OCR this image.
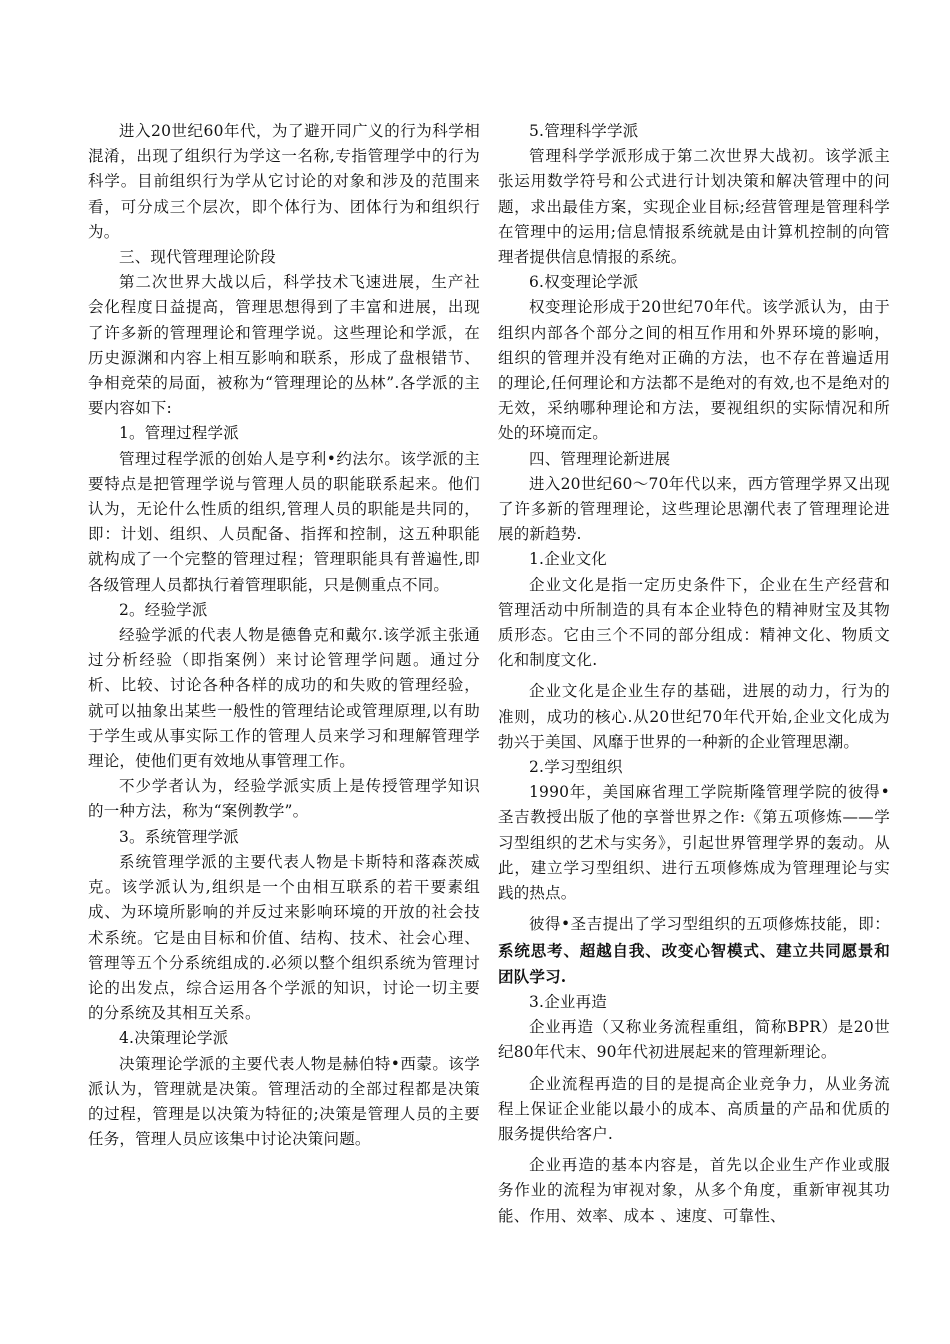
进入20世纪60年代，为了避开同广义的行为科学相混淆，出现了组织行为学这一名称,专指管理学中的行为科学。目前组织行为学从它讨论的对象和涉及的范围来看，可分成三个层次，即个体行为、团体行为和组织行为。

三、现代管理理论阶段

第二次世界大战以后，科学技术飞速进展，生产社会化程度日益提高，管理思想得到了丰富和进展，出现了许多新的管理理论和管理学说。这些理论和学派，在历史源渊和内容上相互影响和联系，形成了盘根错节、争相竞荣的局面，被称为“管理理论的丛林”.各学派的主要内容如下:

1。管理过程学派

管理过程学派的创始人是亨利•约法尔。该学派的主要特点是把管理学说与管理人员的职能联系起来。他们认为，无论什么性质的组织,管理人员的职能是共同的，即：计划、组织、人员配备、指挥和控制，这五种职能就构成了一个完整的管理过程；管理职能具有普遍性,即各级管理人员都执行着管理职能，只是侧重点不同。

2。经验学派

经验学派的代表人物是德鲁克和戴尔.该学派主张通过分析经验（即指案例）来讨论管理学问题。通过分析、比较、讨论各种各样的成功的和失败的管理经验，就可以抽象出某些一般性的管理结论或管理原理,以有助于学生或从事实际工作的管理人员来学习和理解管理学理论，使他们更有效地从事管理工作。

不少学者认为，经验学派实质上是传授管理学知识的一种方法，称为“案例教学”。

3。系统管理学派

系统管理学派的主要代表人物是卡斯特和落森茨威克。该学派认为,组织是一个由相互联系的若干要素组成、为环境所影响的并反过来影响环境的开放的社会技术系统。它是由目标和价值、结构、技术、社会心理、管理等五个分系统组成的.必须以整个组织系统为管理讨论的出发点，综合运用各个学派的知识，讨论一切主要的分系统及其相互关系。

4.决策理论学派

决策理论学派的主要代表人物是赫伯特•西蒙。该学派认为，管理就是决策。管理活动的全部过程都是决策的过程，管理是以决策为特征的;决策是管理人员的主要任务，管理人员应该集中讨论决策问题。

5.管理科学学派

管理科学学派形成于第二次世界大战初。该学派主张运用数学符号和公式进行计划决策和解决管理中的问题，求出最佳方案，实现企业目标;经营管理是管理科学在管理中的运用;信息情报系统就是由计算机控制的向管理者提供信息情报的系统。

6.权变理论学派

权变理论形成于20世纪70年代。该学派认为，由于组织内部各个部分之间的相互作用和外界环境的影响，组织的管理并没有绝对正确的方法，也不存在普遍适用的理论,任何理论和方法都不是绝对的有效,也不是绝对的无效，采纳哪种理论和方法，要视组织的实际情况和所处的环境而定。

四、管理理论新进展

进入20世纪60～70年代以来，西方管理学界又出现了许多新的管理理论，这些理论思潮代表了管理理论进展的新趋势.

1.企业文化

企业文化是指一定历史条件下，企业在生产经营和管理活动中所制造的具有本企业特色的精神财宝及其物质形态。它由三个不同的部分组成：精神文化、物质文化和制度文化.

企业文化是企业生存的基础，进展的动力，行为的准则，成功的核心.从20世纪70年代开始,企业文化成为勃兴于美国、风靡于世界的一种新的企业管理思潮。

2.学习型组织

1990年，美国麻省理工学院斯隆管理学院的彼得•圣吉教授出版了他的享誉世界之作:《第五项修炼——学习型组织的艺术与实务》，引起世界管理学界的轰动。从此，建立学习型组织、进行五项修炼成为管理理论与实践的热点。

彼得•圣吉提出了学习型组织的五项修炼技能，即：系统思考、超越自我、改变心智模式、建立共同愿景和团队学习.

3.企业再造

企业再造（又称业务流程重组，简称BPR）是20世纪80年代末、90年代初进展起来的管理新理论。

企业流程再造的目的是提高企业竞争力，从业务流程上保证企业能以最小的成本、高质量的产品和优质的服务提供给客户.

企业再造的基本内容是，首先以企业生产作业或服务作业的流程为审视对象，从多个角度，重新审视其功能、作用、效率、成本 、速度、可靠性、
